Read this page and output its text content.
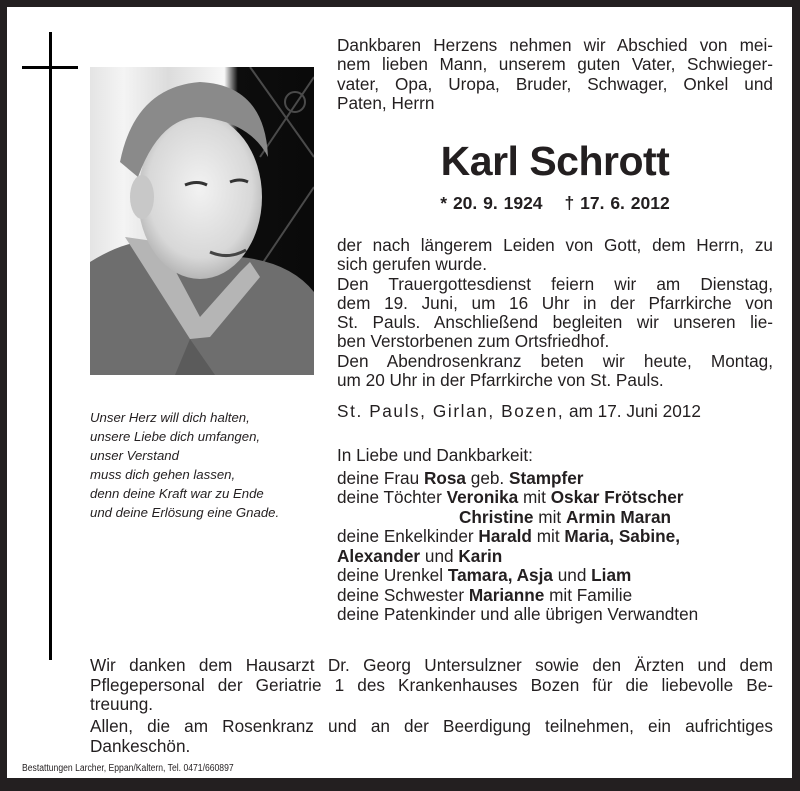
Unser Herz will dich halten,
unsere Liebe dich umfangen,
unser Verstand
muss dich gehen lassen,
denn deine Kraft war zu Ende
und deine Erlösung eine Gnade.
Dankbaren Herzens nehmen wir Abschied von mei-
nem lieben Mann, unserem guten Vater, Schwieger-
vater, Opa, Uropa, Bruder, Schwager, Onkel und
Paten, Herrn
Karl Schrott
* 20. 9. 1924 † 17. 6. 2012
der nach längerem Leiden von Gott, dem Herrn, zu
sich gerufen wurde.
Den Trauergottesdienst feiern wir am Dienstag,
dem 19. Juni, um 16 Uhr in der Pfarrkirche von
St. Pauls. Anschließend begleiten wir unseren lie-
ben Verstorbenen zum Ortsfriedhof.
Den Abendrosenkranz beten wir heute, Montag,
um 20 Uhr in der Pfarrkirche von St. Pauls.
St. Pauls, Girlan, Bozen, am 17. Juni 2012
In Liebe und Dankbarkeit:
deine Frau Rosa geb. Stampfer
deine Töchter Veronika mit Oskar Frötscher
Christine mit Armin Maran
deine Enkelkinder Harald mit Maria, Sabine,
Alexander und Karin
deine Urenkel Tamara, Asja und Liam
deine Schwester Marianne mit Familie
deine Patenkinder und alle übrigen Verwandten
Wir danken dem Hausarzt Dr. Georg Untersulzner sowie den Ärzten und dem
Pflegepersonal der Geriatrie 1 des Krankenhauses Bozen für die liebevolle Be-
treuung.
Allen, die am Rosenkranz und an der Beerdigung teilnehmen, ein aufrichtiges
Dankeschön.
Bestattungen Larcher, Eppan/Kaltern, Tel. 0471/660897
